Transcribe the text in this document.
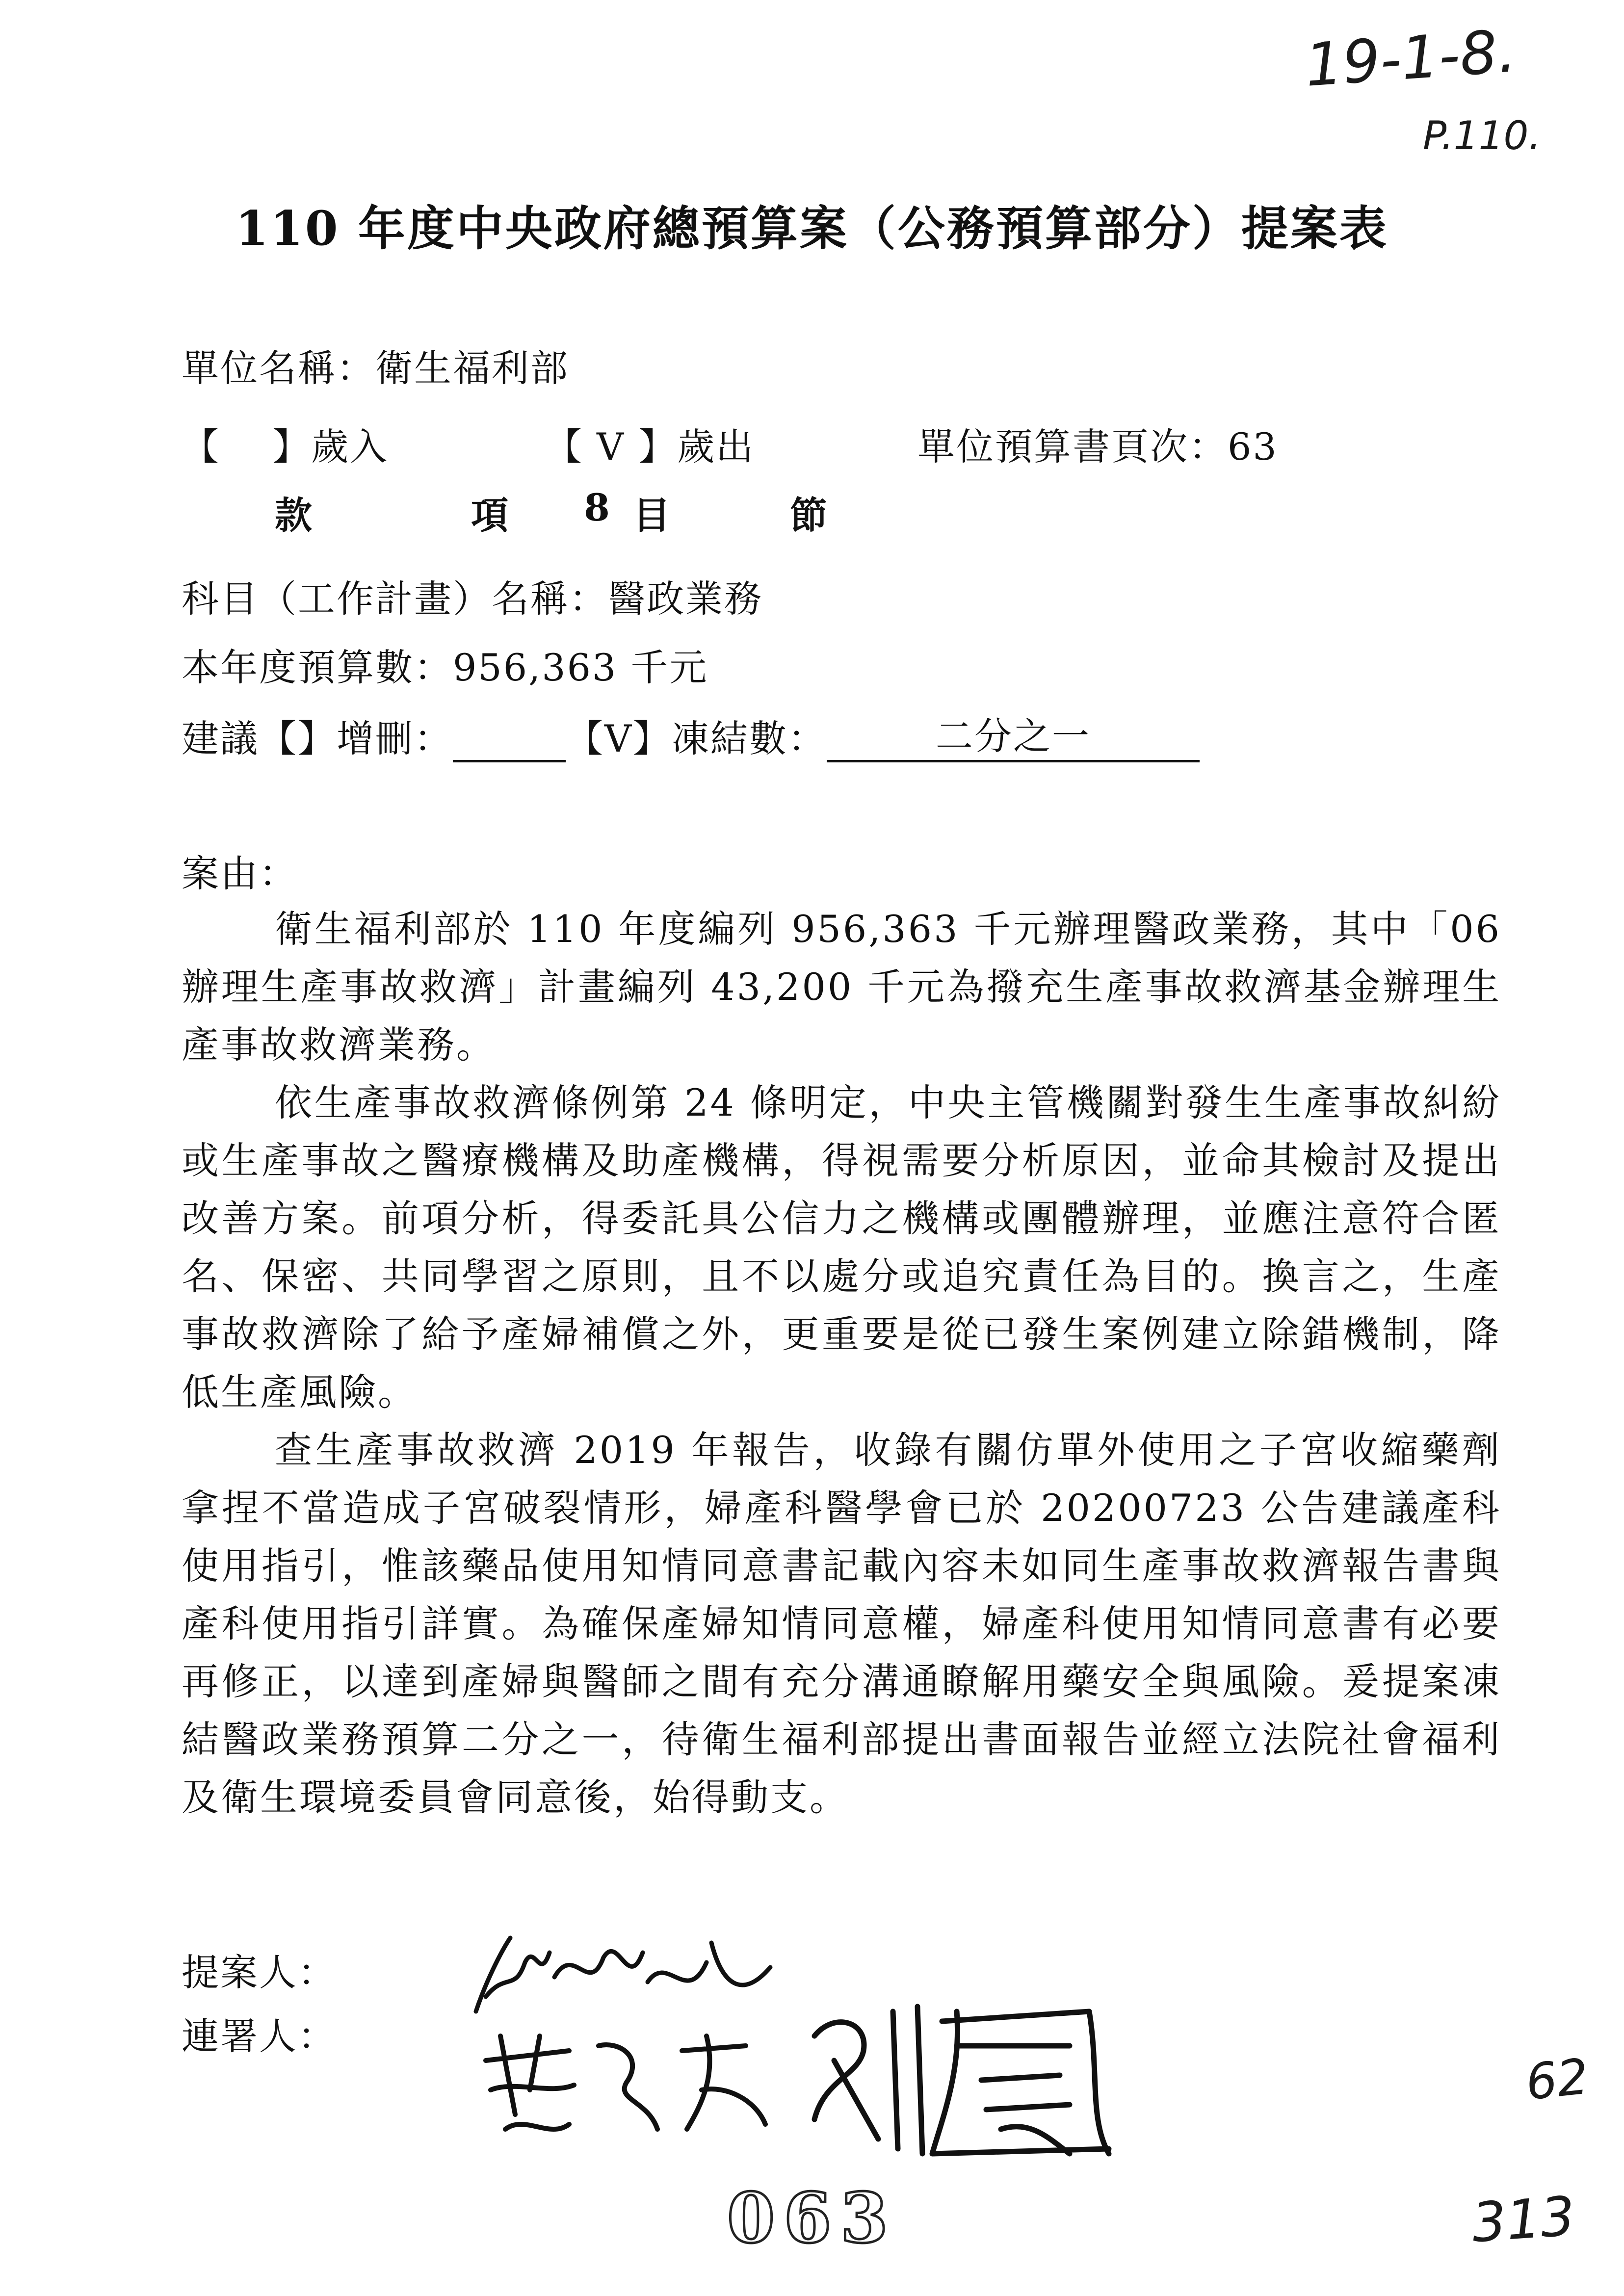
19-1-8.
P.110.
62
313
110 年度中央政府總預算案（公務預算部分）提案表
單位名稱：衛生福利部
【　 】歲入	【 V 】歲出	單位預算書頁次：63
款	項 8 目	節
科目（工作計畫）名稱：醫政業務
本年度預算數：956,363 千元
建議【】增刪：	【V】凍結數：	二分之一
案由：

衛生福利部於 110 年度編列 956,363 千元辦理醫政業務，其中「06 辦理生產事故救濟」計畫編列 43,200 千元為撥充生產事故救濟基金辦理生產事故救濟業務。

依生產事故救濟條例第 24 條明定，中央主管機關對發生生產事故糾紛或生產事故之醫療機構及助產機構，得視需要分析原因，並命其檢討及提出改善方案。前項分析，得委託具公信力之機構或團體辦理，並應注意符合匿名、保密、共同學習之原則，且不以處分或追究責任為目的。換言之，生產事故救濟除了給予產婦補償之外，更重要是從已發生案例建立除錯機制，降低生產風險。

查生產事故救濟 2019 年報告，收錄有關仿單外使用之子宮收縮藥劑拿捏不當造成子宮破裂情形，婦產科醫學會已於 20200723 公告建議產科使用指引，惟該藥品使用知情同意書記載內容未如同生產事故救濟報告書與產科使用指引詳實。為確保產婦知情同意權，婦產科使用知情同意書有必要再修正，以達到產婦與醫師之間有充分溝通瞭解用藥安全與風險。爰提案凍結醫政業務預算二分之一，待衛生福利部提出書面報告並經立法院社會福利及衛生環境委員會同意後，始得動支。

提案人：
連署人：
063
